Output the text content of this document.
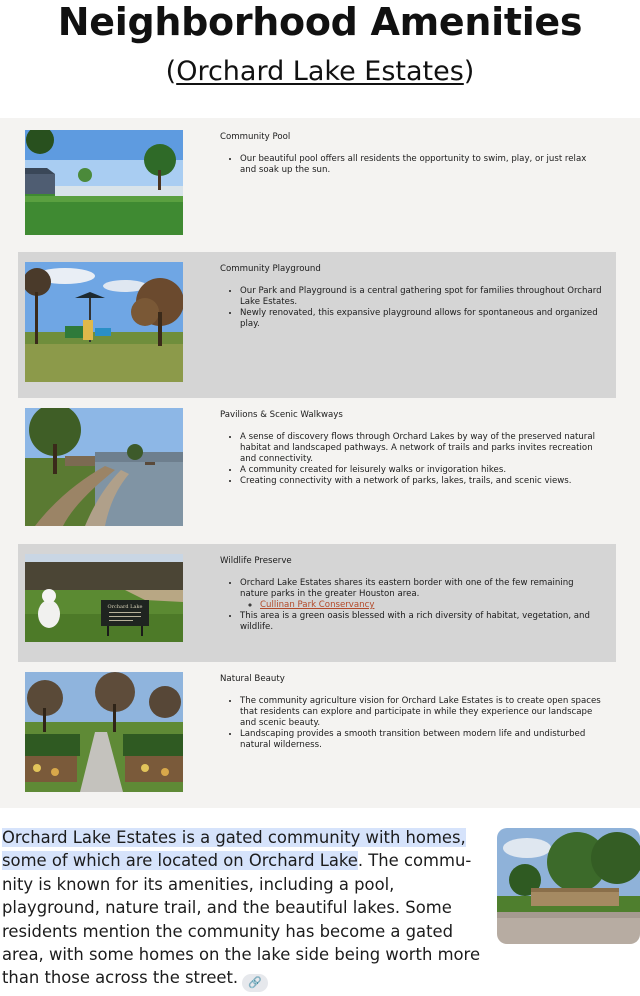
Neighborhood Amenities
(Orchard Lake Estates)
Community Pool
• Our beautiful pool offers all residents the opportunity to swim, play, or just relax and soak up the sun.
Community Playground
• Our Park and Playground is a central gathering spot for families throughout Orchard Lake Estates.
• Newly renovated, this expansive playground allows for spontaneous and organized play.
Pavilions & Scenic Walkways
• A sense of discovery flows through Orchard Lakes by way of the preserved natural habitat and landscaped pathways. A network of trails and parks invites recreation and connectivity.
• A community created for leisurely walks or invigoration hikes.
• Creating connectivity with a network of parks, lakes, trails, and scenic views.
Orchard Lake
Wildlife Preserve
• Orchard Lake Estates shares its eastern border with one of the few remaining nature parks in the greater Houston area.
◦ Cullinan Park Conservancy
• This area is a green oasis blessed with a rich diversity of habitat, vegetation, and wildlife.
Natural Beauty
• The community agriculture vision for Orchard Lake Estates is to create open spaces that residents can explore and participate in while they experience our landscape and scenic beauty.
• Landscaping provides a smooth transition between modern life and undisturbed natural wilderness.
Orchard Lake Estates is a gated community with homes, some of which are located on Orchard Lake. The commu-nity is known for its amenities, including a pool, playground, nature trail, and the beautiful lakes. Some residents mention the community has become a gated area, with some homes on the lake side being worth more than those across the street. 🔗
